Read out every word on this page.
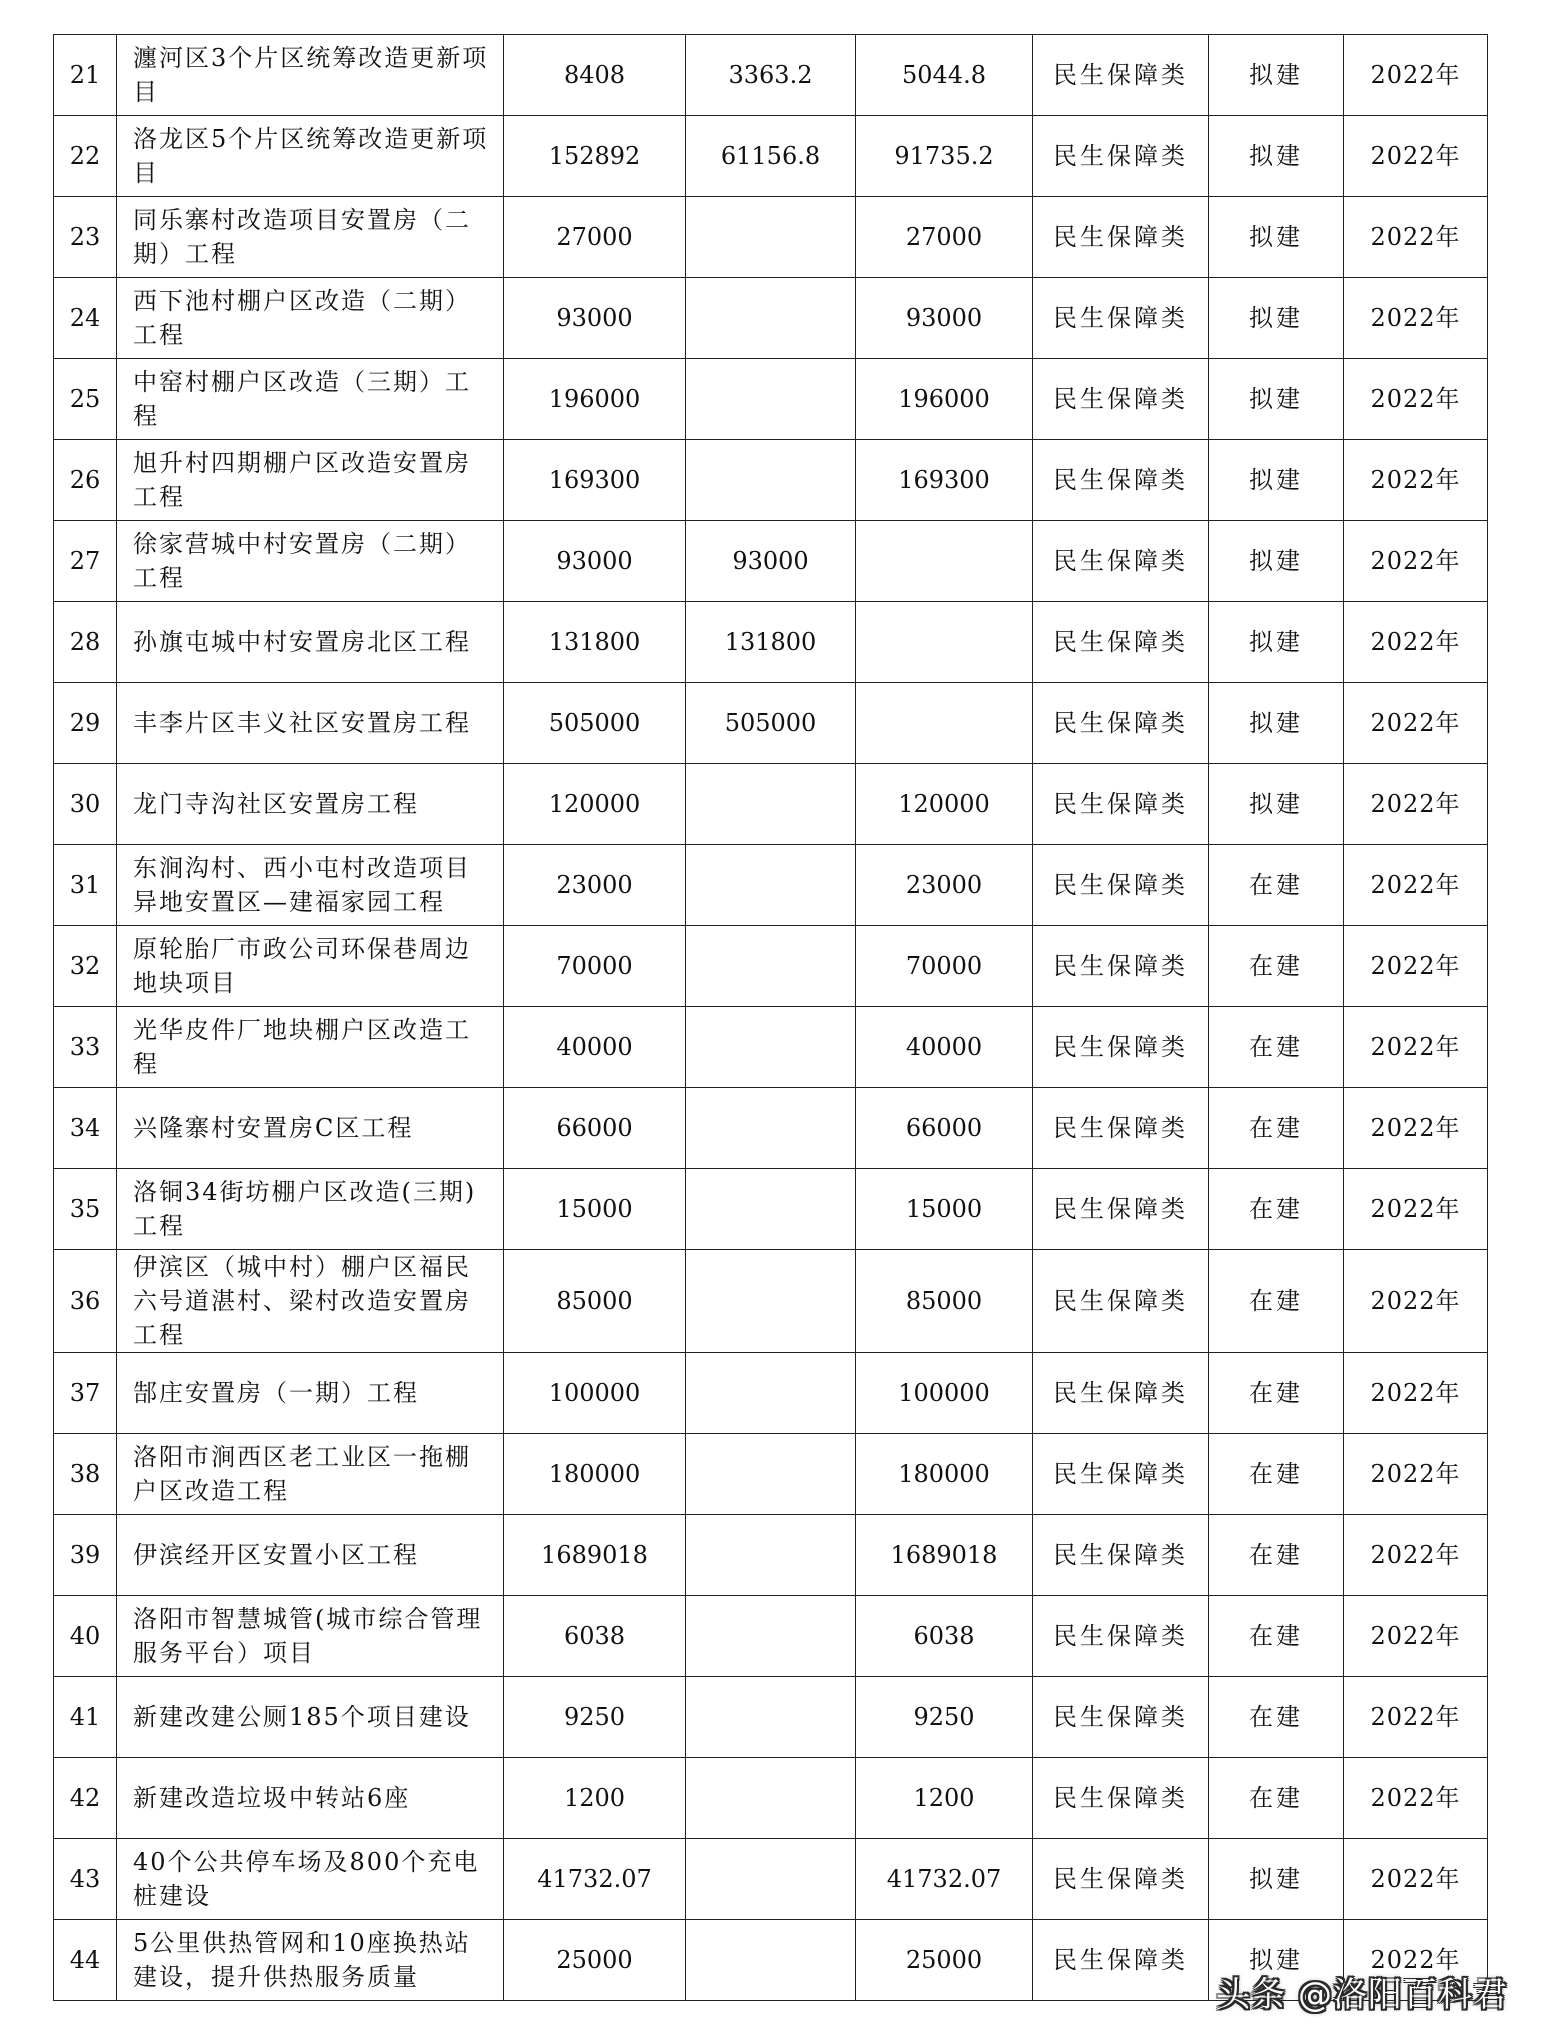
21	瀍河区3个片区统筹改造更新项目	8408	3363.2	5044.8	民生保障类	拟建	2022年
22	洛龙区5个片区统筹改造更新项目	152892	61156.8	91735.2	民生保障类	拟建	2022年
23	同乐寨村改造项目安置房（二期）工程	27000		27000	民生保障类	拟建	2022年
24	西下池村棚户区改造（二期）工程	93000		93000	民生保障类	拟建	2022年
25	中窑村棚户区改造（三期）工程	196000		196000	民生保障类	拟建	2022年
26	旭升村四期棚户区改造安置房工程	169300		169300	民生保障类	拟建	2022年
27	徐家营城中村安置房（二期）工程	93000	93000		民生保障类	拟建	2022年
28	孙旗屯城中村安置房北区工程	131800	131800		民生保障类	拟建	2022年
29	丰李片区丰义社区安置房工程	505000	505000		民生保障类	拟建	2022年
30	龙门寺沟社区安置房工程	120000		120000	民生保障类	拟建	2022年
31	东涧沟村、西小屯村改造项目异地安置区—建福家园工程	23000		23000	民生保障类	在建	2022年
32	原轮胎厂市政公司环保巷周边地块项目	70000		70000	民生保障类	在建	2022年
33	光华皮件厂地块棚户区改造工程	40000		40000	民生保障类	在建	2022年
34	兴隆寨村安置房C区工程	66000		66000	民生保障类	在建	2022年
35	洛铜34街坊棚户区改造(三期)工程	15000		15000	民生保障类	在建	2022年
36	伊滨区（城中村）棚户区福民六号道湛村、梁村改造安置房工程	85000		85000	民生保障类	在建	2022年
37	郜庄安置房（一期）工程	100000		100000	民生保障类	在建	2022年
38	洛阳市涧西区老工业区一拖棚户区改造工程	180000		180000	民生保障类	在建	2022年
39	伊滨经开区安置小区工程	1689018		1689018	民生保障类	在建	2022年
40	洛阳市智慧城管(城市综合管理服务平台）项目	6038		6038	民生保障类	在建	2022年
41	新建改建公厕185个项目建设	9250		9250	民生保障类	在建	2022年
42	新建改造垃圾中转站6座	1200		1200	民生保障类	在建	2022年
43	40个公共停车场及800个充电桩建设	41732.07		41732.07	民生保障类	拟建	2022年
44	5公里供热管网和10座换热站建设，提升供热服务质量	25000		25000	民生保障类	拟建	2022年
头条 @洛阳百科君
